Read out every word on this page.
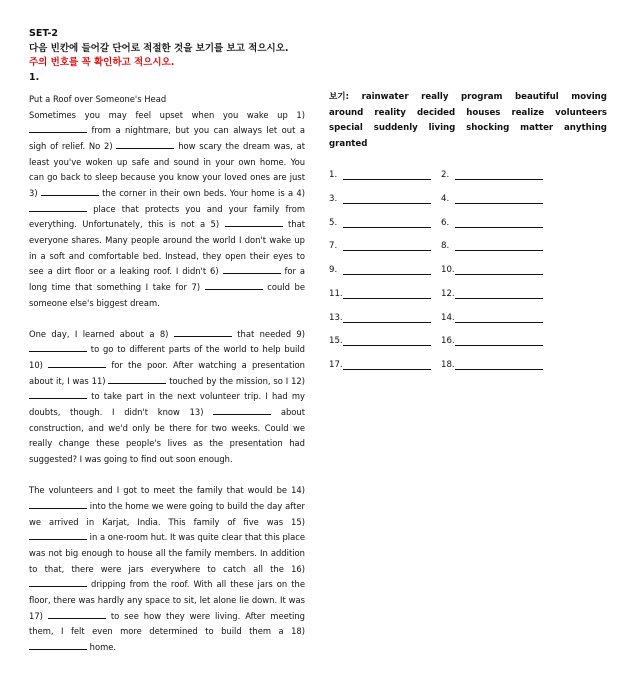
SET-2
다음 빈칸에 들어갈 단어로 적절한 것을 보기를 보고 적으시오.
주의 번호를 꼭 확인하고 적으시오.
1.

Put a Roof over Someone's Head

Sometimes you may feel upset when you wake up 1)  from a nightmare, but you can always let out a sigh of relief. No 2)	how scary the dream was, at least you've woken up safe and sound in your own home. You can go back to sleep because you know your loved ones are just 3)	the corner in their own beds. Your home is a 4)  place that protects you and your family from everything. Unfortunately, this is not a 5)	that everyone shares. Many people around the world I don't wake up in a soft and comfortable bed. Instead, they open their eyes to see a dirt floor or a leaking roof. I didn't 6)	for a long time that something I take for 7)	could be someone else's biggest dream.

One day, I learned about a 8)	that needed 9)  to go to different parts of the world to help build 10)	for the poor. After watching a presentation about it, I was 11)	touched by the mission, so I 12)  to take part in the next volunteer trip. I had my doubts, though. I didn't know 13)	about construction, and we'd only be there for two weeks. Could we really change these people's lives as the presentation had suggested? I was going to find out soon enough.

The volunteers and I got to meet the family that would be 14)  into the home we were going to build the day after we arrived in Karjat, India. This family of five was 15)  in a one-room hut. It was quite clear that this place was not big enough to house all the family members. In addition to that, there were jars everywhere to catch all the 16)  dripping from the roof. With all these jars on the floor, there was hardly any space to sit, let alone lie down. It was 17)	to see how they were living. After meeting them, I felt even more determined to build them a 18)  home.

보기: rainwater really program beautiful moving
around reality decided houses realize volunteers
special suddenly living shocking matter anything
granted
1.	2.
3.	4.
5.	6.
7.	8.
9.	10.
11.	12.
13.	14.
15.	16.
17.	18.
